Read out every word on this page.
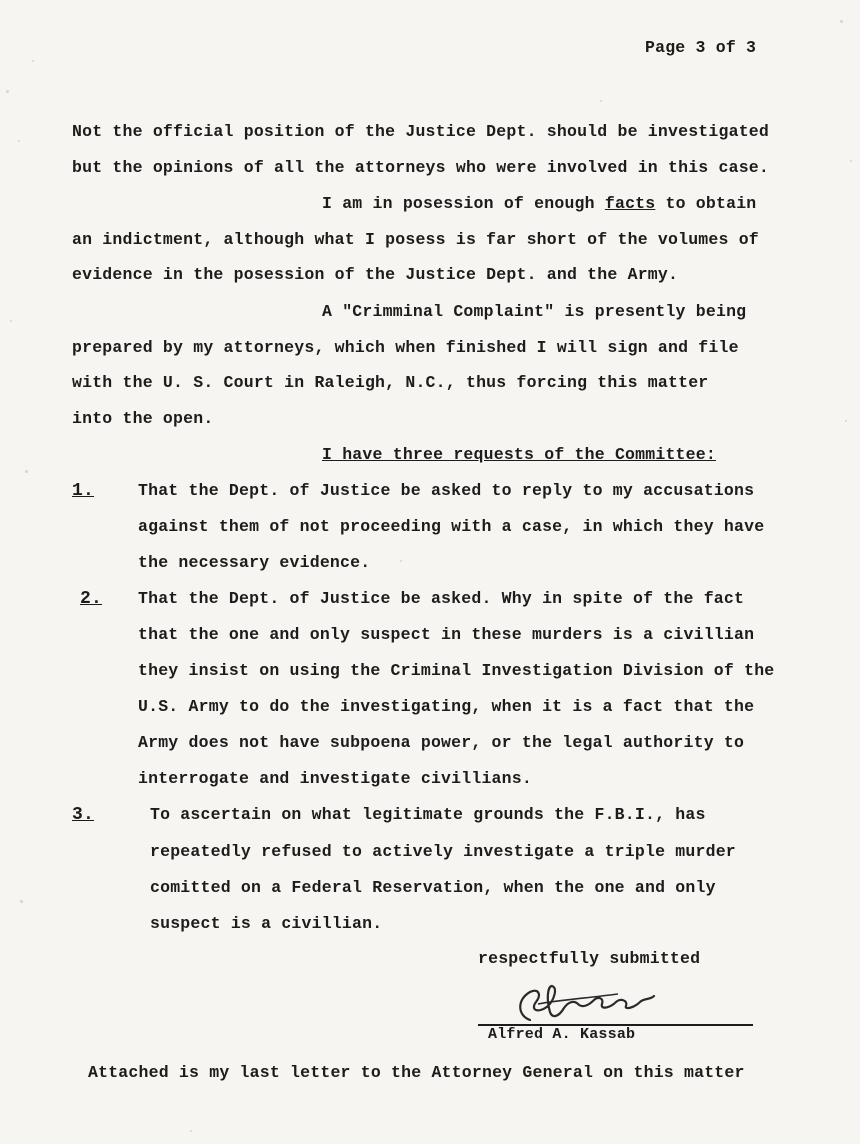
Page 3 of 3
Not the official position of the Justice Dept. should be investigated
but the opinions of all the attorneys who were involved in this case.
I am in posession of enough facts to obtain
an indictment, although what I posess is far short of the volumes of
evidence in the posession of the Justice Dept. and the Army.
A "Crimminal Complaint" is presently being
prepared by my attorneys, which when finished I will sign and file
with the U. S. Court in Raleigh, N.C., thus forcing this matter
into the open.
I have three requests of the Committee:
1.	That the Dept. of Justice be asked to reply to my accusations
against them of not proceeding with a case, in which they have
the necessary evidence.
2. That the Dept. of Justice be asked. Why in spite of the fact
that the one and only suspect in these murders is a civillian
they insist on using the Criminal Investigation Division of the
U.S. Army to do the investigating, when it is a fact that the
Army does not have subpoena power, or the legal authority to
interrogate and investigate civillians.
3.	To ascertain on what legitimate grounds the F.B.I., has
repeatedly refused to actively investigate a triple murder
comitted on a Federal Reservation, when the one and only
suspect is a civillian.
respectfully submitted
Alfred A. Kassab
Attached is my last letter to the Attorney General on this matter
